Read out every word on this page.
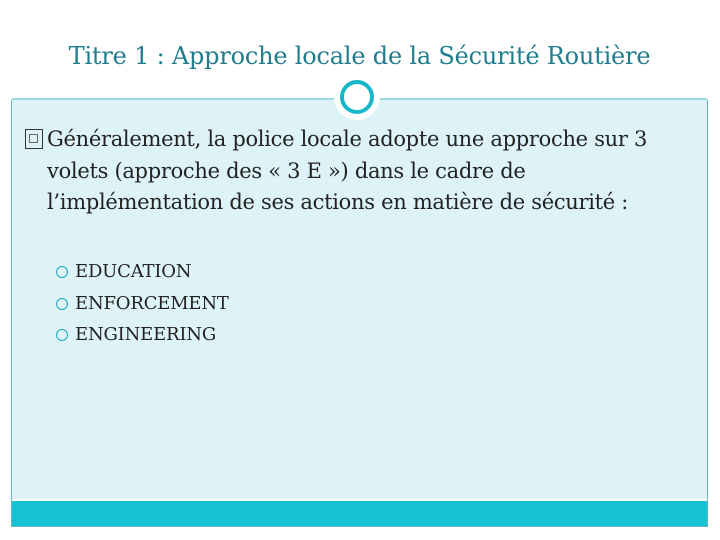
Titre 1 : Approche locale de la Sécurité Routière
Généralement, la police locale adopte une approche sur 3 volets (approche des « 3 E ») dans le cadre de l’implémentation de ses actions en matière de sécurité :
EDUCATION
ENFORCEMENT
ENGINEERING
